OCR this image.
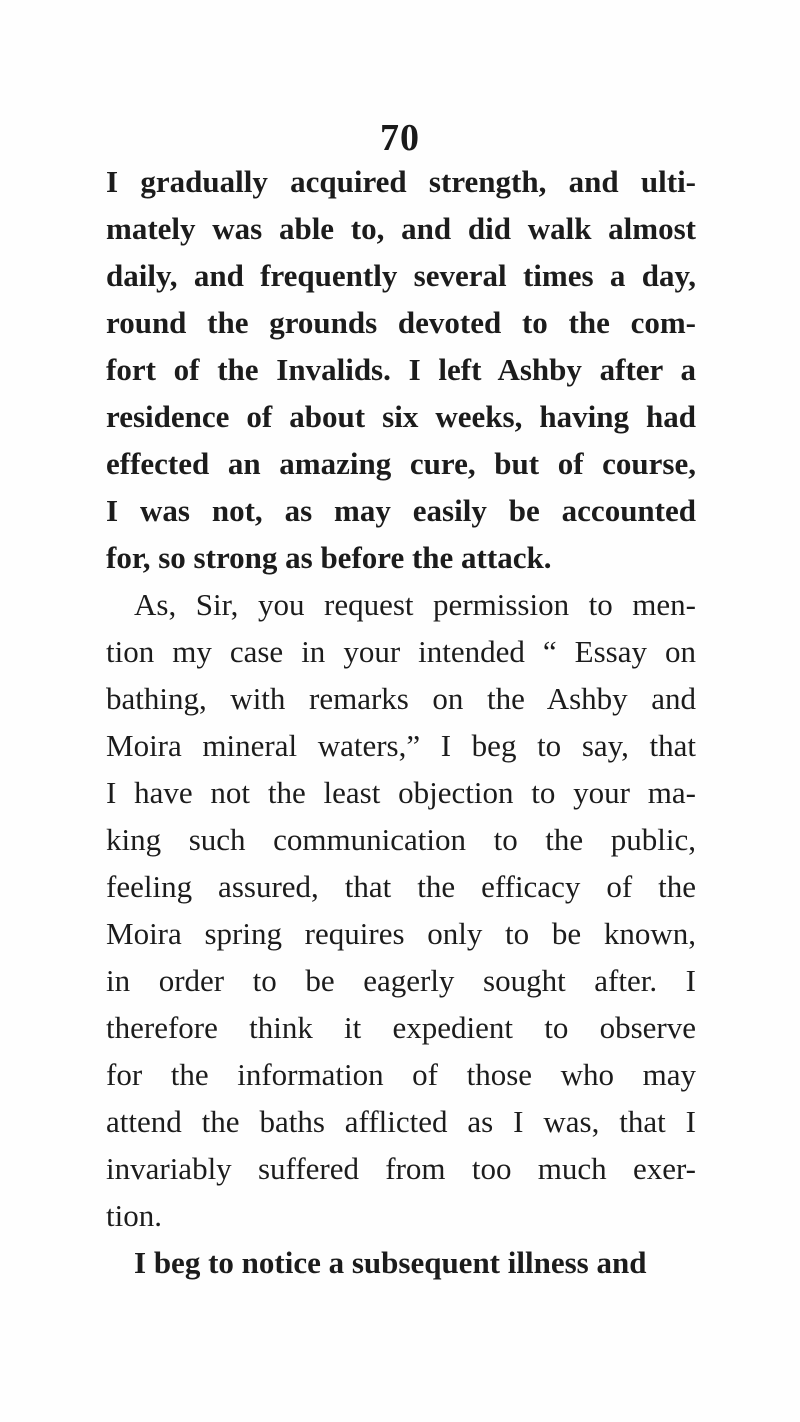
70
I gradually acquired strength, and ulti-
mately was able to, and did walk almost
daily, and frequently several times a day,
round the grounds devoted to the com-
fort of the Invalids. I left Ashby after a
residence of about six weeks, having had
effected an amazing cure, but of course,
I was not, as may easily be accounted
for, so strong as before the attack.
As, Sir, you request permission to men-
tion my case in your intended “ Essay on
bathing, with remarks on the Ashby and
Moira mineral waters,” I beg to say, that
I have not the least objection to your ma-
king such communication to the public,
feeling assured, that the efficacy of the
Moira spring requires only to be known,
in order to be eagerly sought after. I
therefore think it expedient to observe
for the information of those who may
attend the baths afflicted as I was, that I
invariably suffered from too much exer-
tion.
I beg to notice a subsequent illness and
